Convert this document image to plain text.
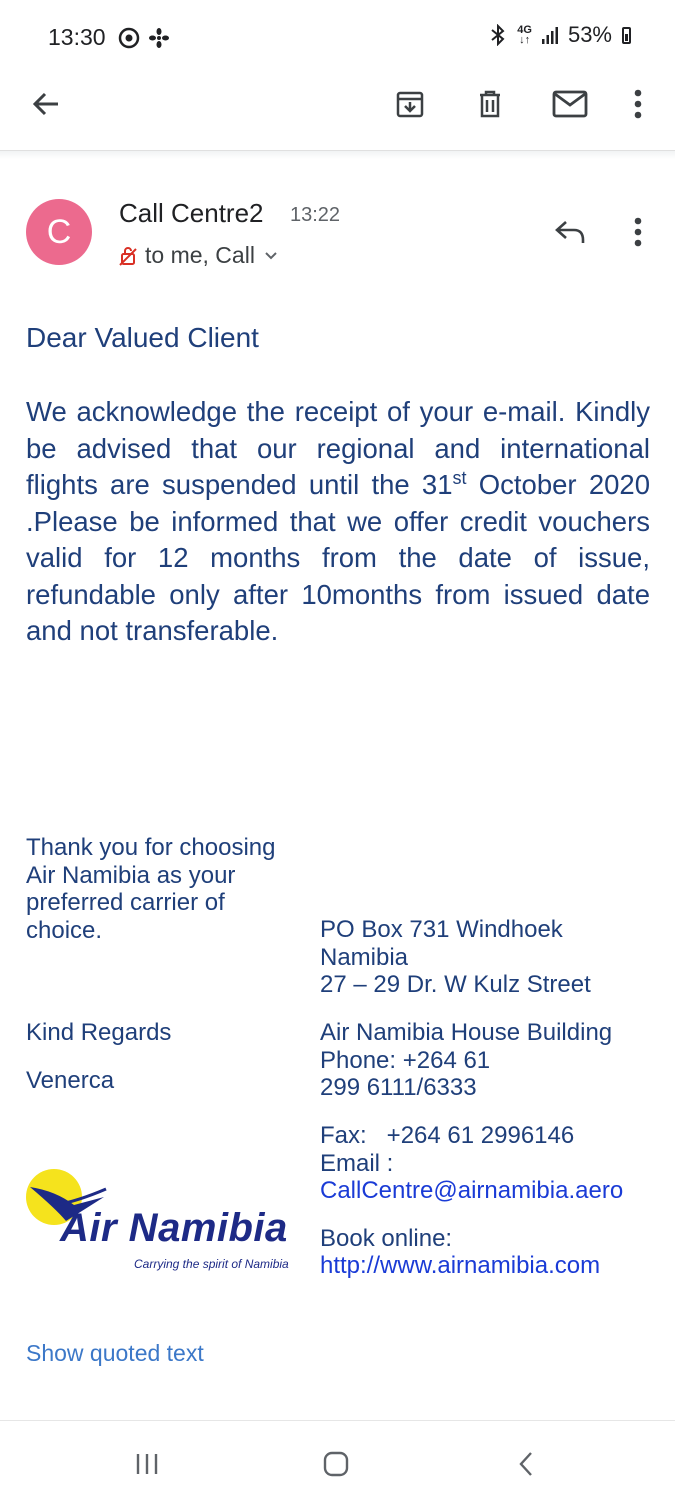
13:30	4G
↓↑ 53%
C	Call Centre2 13:22
to me, Call
Dear Valued Client
We acknowledge the receipt of your e-mail. Kindly be advised that our regional and international flights are suspended until the 31st October 2020 .Please be informed that we offer credit vouchers valid for 12 months from the date of issue, refundable only after 10months from issued date and not transferable.
Thank you for choosing
Air Namibia as your
preferred carrier of
choice.
Kind Regards
Venerca
PO Box 731 Windhoek
Namibia
27 – 29 Dr. W Kulz Street
Air Namibia House Building
Phone: +264 61
299 6111/6333
Fax:   +264 61 2996146
Email :
CallCentre@airnamibia.aero
Book online:
http://www.airnamibia.com
Air Namibia
Carrying the spirit of Namibia
Show quoted text
